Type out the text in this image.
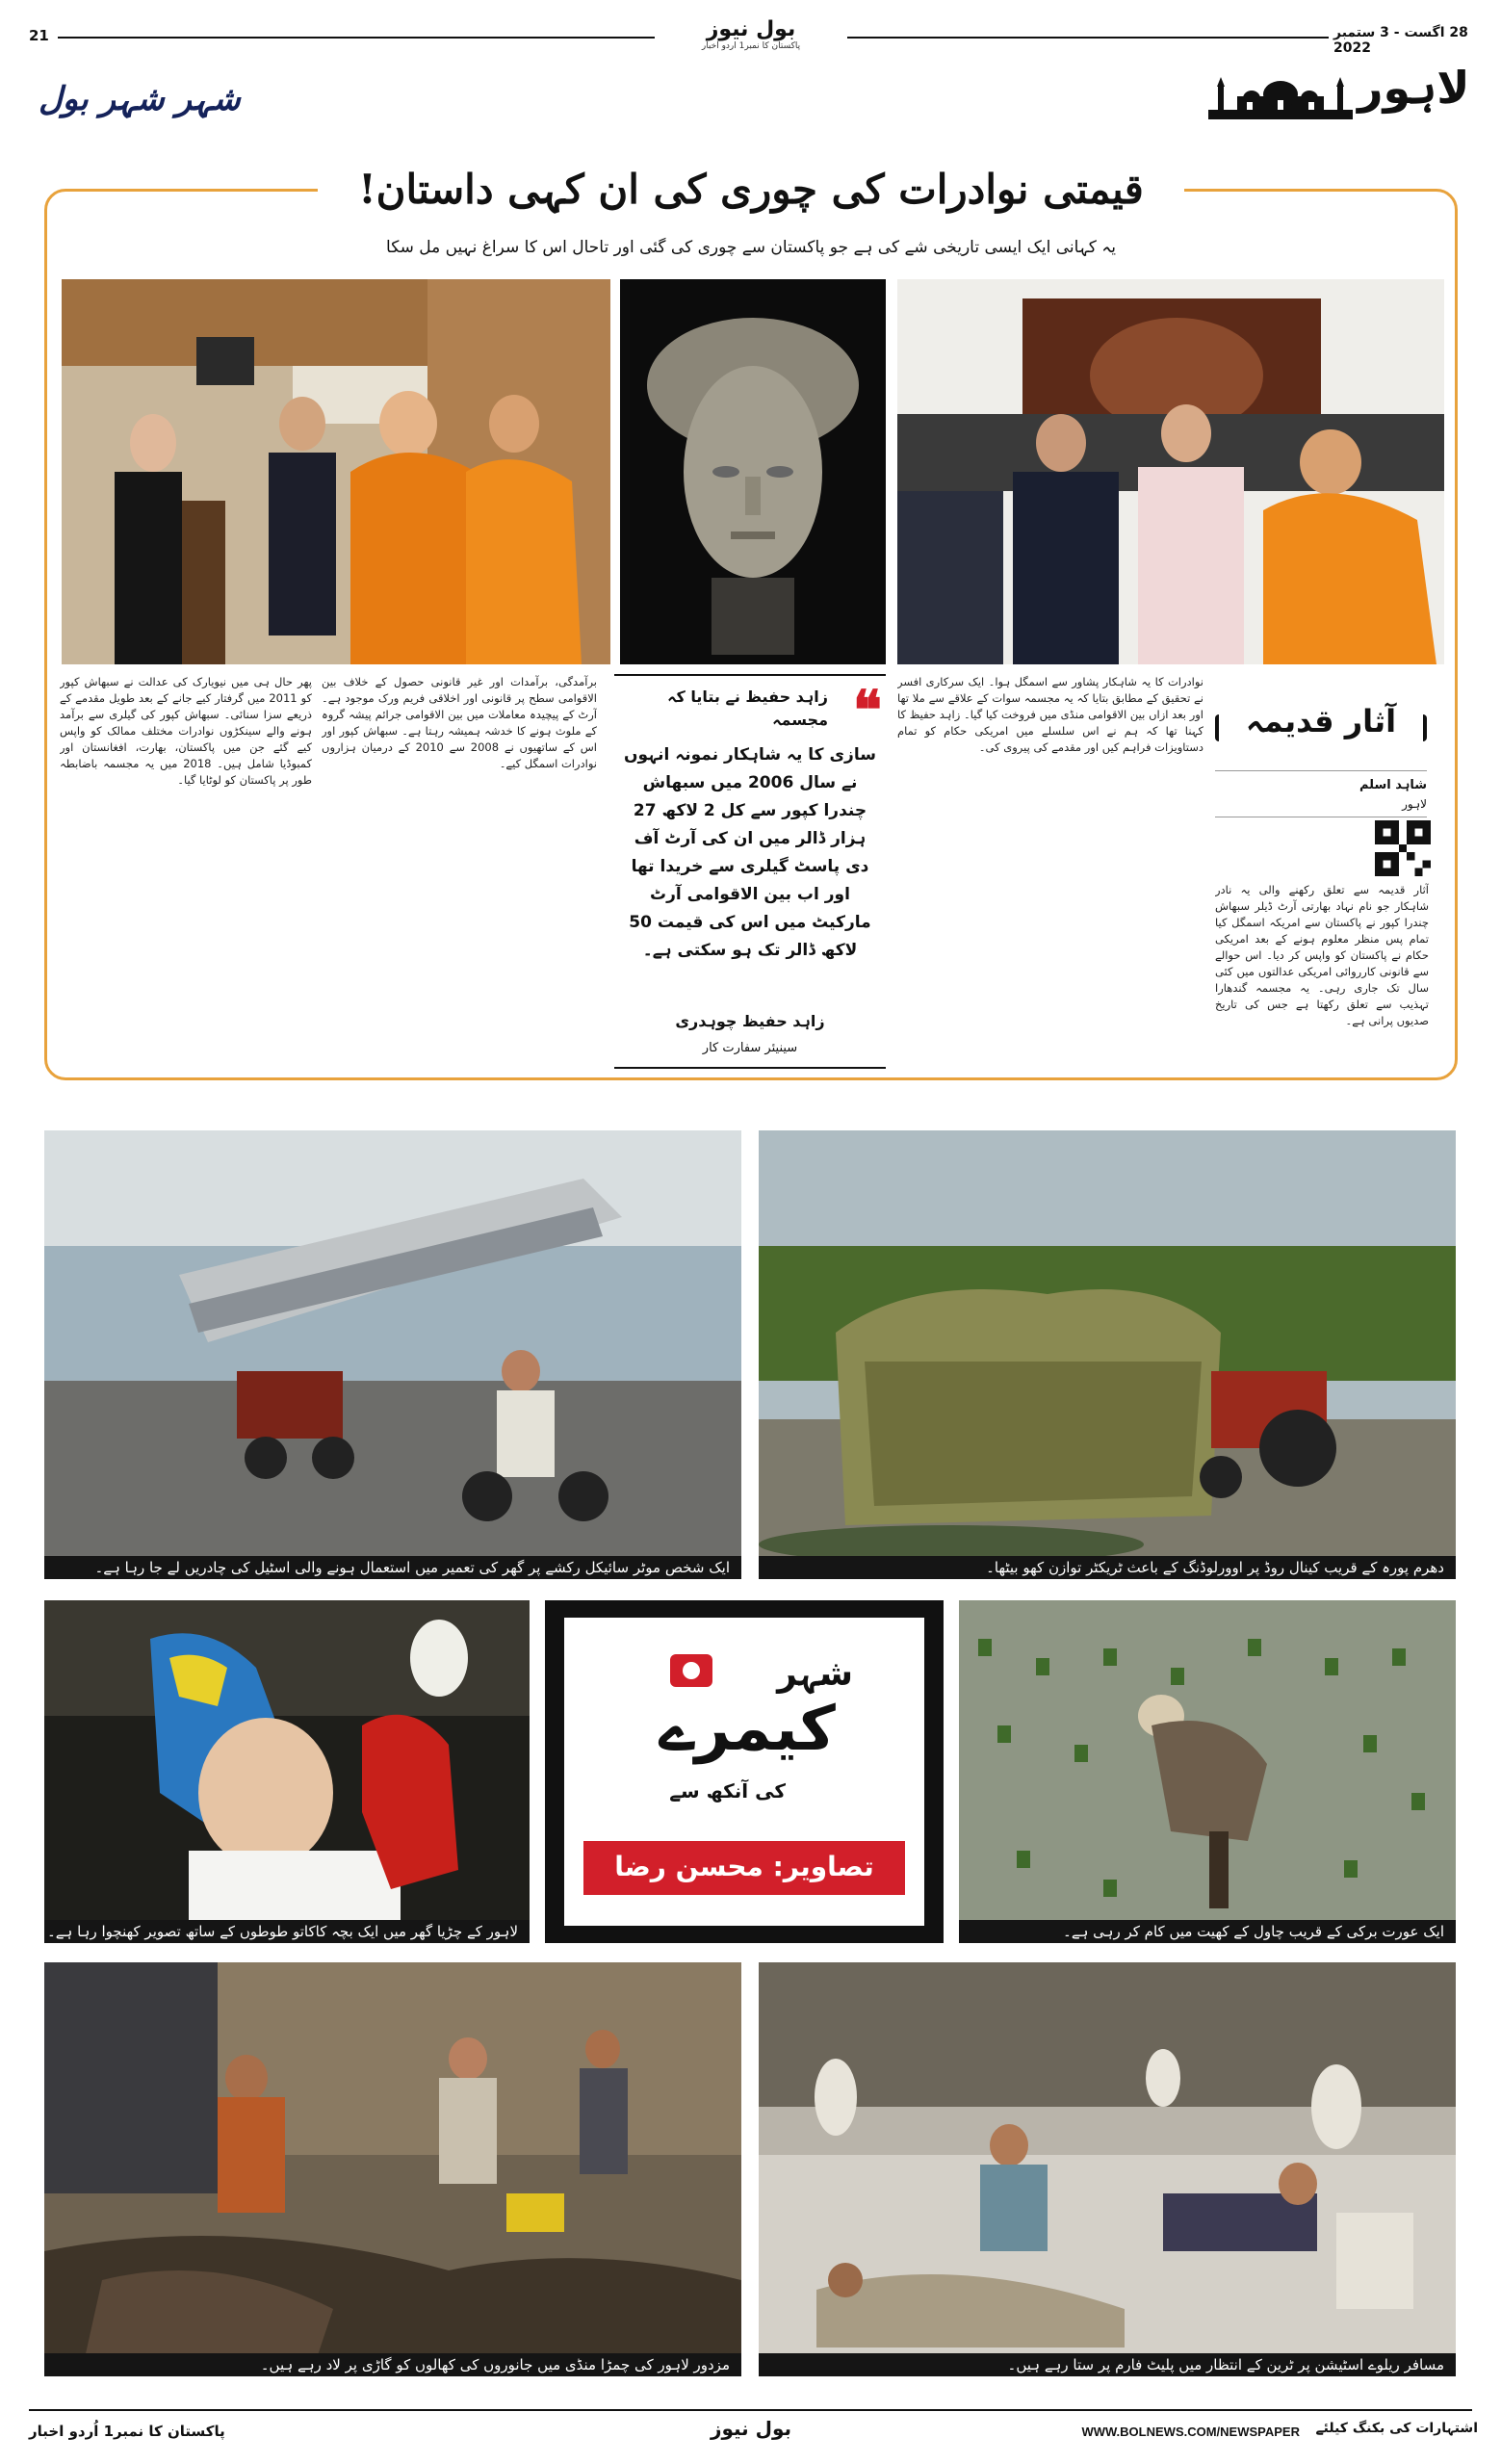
21	بول نیوز
پاکستان کا نمبر1 اردو اخبار
28 اگست - 3 ستمبر 2022
شہر شہر بول	لاہور
قیمتی نوادرات کی چوری کی ان کہی داستان!
یہ کہانی ایک ایسی تاریخی شے کی ہے جو پاکستان سے چوری کی گئی اور تاحال اس کا سراغ نہیں مل سکا
آثار قدیمہ
شاہد اسلم
لاہور

آثار قدیمہ سے تعلق رکھنے والی یہ نادر شاہکار جو نام نہاد بھارتی آرٹ ڈیلر سبھاش چندرا کپور نے پاکستان سے امریکہ اسمگل کیا تمام پس منظر معلوم ہونے کے بعد امریکی حکام نے پاکستان کو واپس کر دیا۔ اس حوالے سے قانونی کارروائی امریکی عدالتوں میں کئی سال تک جاری رہی۔ یہ مجسمہ گندھارا تہذیب سے تعلق رکھتا ہے جس کی تاریخ صدیوں پرانی ہے۔

نوادرات کا یہ شاہکار پشاور سے اسمگل ہوا۔ ایک سرکاری افسر نے تحقیق کے مطابق بتایا کہ یہ مجسمہ سوات کے علاقے سے ملا تھا اور بعد ازاں بین الاقوامی منڈی میں فروخت کیا گیا۔ زاہد حفیظ کا کہنا تھا کہ ہم نے اس سلسلے میں امریکی حکام کو تمام دستاویزات فراہم کیں اور مقدمے کی پیروی کی۔

برآمدگی، برآمدات اور غیر قانونی حصول کے خلاف بین الاقوامی سطح پر قانونی اور اخلاقی فریم ورک موجود ہے۔ آرٹ کے پیچیدہ معاملات میں بین الاقوامی جرائم پیشہ گروہ کے ملوث ہونے کا خدشہ ہمیشہ رہتا ہے۔ سبھاش کپور اور اس کے ساتھیوں نے 2008 سے 2010 کے درمیان ہزاروں نوادرات اسمگل کیے۔

پھر حال ہی میں نیویارک کی عدالت نے سبھاش کپور کو 2011 میں گرفتار کیے جانے کے بعد طویل مقدمے کے ذریعے سزا سنائی۔ سبھاش کپور کی گیلری سے برآمد ہونے والے سینکڑوں نوادرات مختلف ممالک کو واپس کیے گئے جن میں پاکستان، بھارت، افغانستان اور کمبوڈیا شامل ہیں۔ 2018 میں یہ مجسمہ باضابطہ طور پر پاکستان کو لوٹایا گیا۔

❝
زاہد حفیظ نے بتایا کہ مجسمہ
سازی کا یہ شاہکار نمونہ انہوں نے سال 2006 میں سبھاش چندرا کپور سے کل 2 لاکھ 27 ہزار ڈالر میں ان کی آرٹ آف دی پاسٹ گیلری سے خریدا تھا اور اب بین الاقوامی آرٹ مارکیٹ میں اس کی قیمت 50 لاکھ ڈالر تک ہو سکتی ہے۔
زاہد حفیظ چوہدری
سینیئر سفارت کار
دھرم پورہ کے قریب کینال روڈ پر اوورلوڈنگ کے باعث ٹریکٹر توازن کھو بیٹھا۔
ایک شخص موٹر سائیکل رکشے پر گھر کی تعمیر میں استعمال ہونے والی اسٹیل کی چادریں لے جا رہا ہے۔
ایک عورت برکی کے قریب چاول کے کھیت میں کام کر رہی ہے۔
شہر
کیمرے
کی آنکھ سے
تصاویر: محسن رضا
لاہور کے چڑیا گھر میں ایک بچہ کاکاتو طوطوں کے ساتھ تصویر کھنچوا رہا ہے۔
مسافر ریلوے اسٹیشن پر ٹرین کے انتظار میں پلیٹ فارم پر ستا رہے ہیں۔
مزدور لاہور کی چمڑا منڈی میں جانوروں کی کھالوں کو گاڑی پر لاد رہے ہیں۔
پاکستان کا نمبر1 اُردو اخبار	بول نیوز	WWW.BOLNEWS.COM/NEWSPAPER	اشتہارات کی بکنگ کیلئے
